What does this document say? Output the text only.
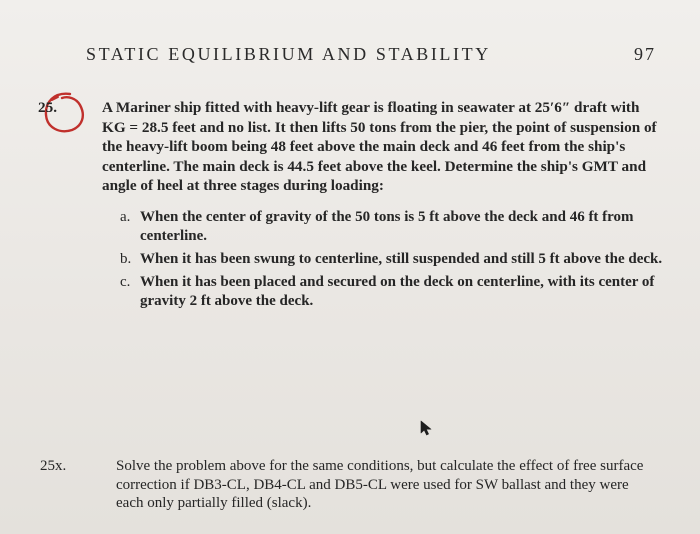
STATIC EQUILIBRIUM AND STABILITY	97
25.	A Mariner ship fitted with heavy-lift gear is floating in seawater at 25′6″ draft with KG = 28.5 feet and no list. It then lifts 50 tons from the pier, the point of suspension of the heavy-lift boom being 48 feet above the main deck and 46 feet from the ship's centerline. The main deck is 44.5 feet above the keel. Determine the ship's GMT and angle of heel at three stages during loading:
a. When the center of gravity of the 50 tons is 5 ft above the deck and 46 ft from centerline.
b. When it has been swung to centerline, still suspended and still 5 ft above the deck.
c. When it has been placed and secured on the deck on centerline, with its center of gravity 2 ft above the deck.
25x.	Solve the problem above for the same conditions, but calculate the effect of free surface correction if DB3-CL, DB4-CL and DB5-CL were used for SW ballast and they were each only partially filled (slack).
